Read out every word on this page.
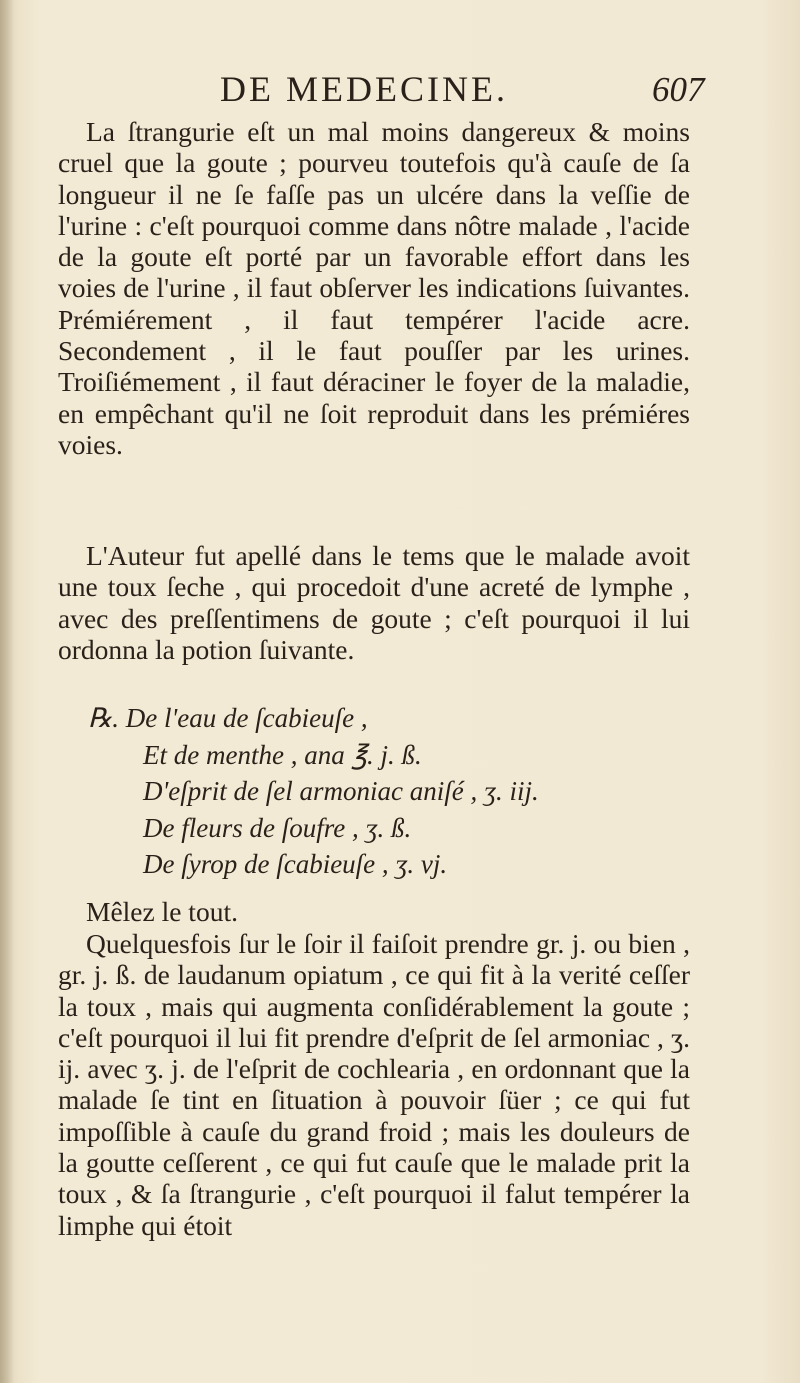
DE MEDECINE.	607

La ſtrangurie eſt un mal moins dangereux & moins cruel que la goute ; pourveu toutefois qu'à cauſe de ſa longueur il ne ſe faſſe pas un ulcére dans la veſſie de l'urine : c'eſt pourquoi comme dans nôtre malade , l'acide de la goute eſt porté par un favorable effort dans les voies de l'urine , il faut obſerver les indications ſuivantes. Prémiérement , il faut tempérer l'acide acre. Secondement , il le faut pouſſer par les urines. Troiſiémement , il faut déraciner le foyer de la maladie, en empêchant qu'il ne ſoit reproduit dans les prémiéres voies.

L'Auteur fut apellé dans le tems que le malade avoit une toux ſeche , qui procedoit d'une acreté de lymphe , avec des preſſentimens de goute ; c'eſt pourquoi il lui ordonna la potion ſuivante.

℞. De l'eau de ſcabieuſe ,
Et de menthe , ana ℥. j. ß.
D'eſprit de ſel armoniac aniſé , ʒ. iij.
De fleurs de ſoufre , ʒ. ß.
De ſyrop de ſcabieuſe , ʒ. vj.

Mêlez le tout.

Quelquesfois ſur le ſoir il faiſoit prendre gr. j. ou bien , gr. j. ß. de laudanum opiatum , ce qui fit à la verité ceſſer la toux , mais qui augmenta conſidérablement la goute ; c'eſt pourquoi il lui fit prendre d'eſprit de ſel armoniac , ʒ. ij. avec ʒ. j. de l'eſprit de cochlearia , en ordonnant que la malade ſe tint en ſituation à pouvoir ſüer ; ce qui fut impoſſible à cauſe du grand froid ; mais les douleurs de la goutte ceſſerent , ce qui fut cauſe que le malade prit la toux , & ſa ſtrangurie , c'eſt pourquoi il falut tempérer la limphe qui étoit
